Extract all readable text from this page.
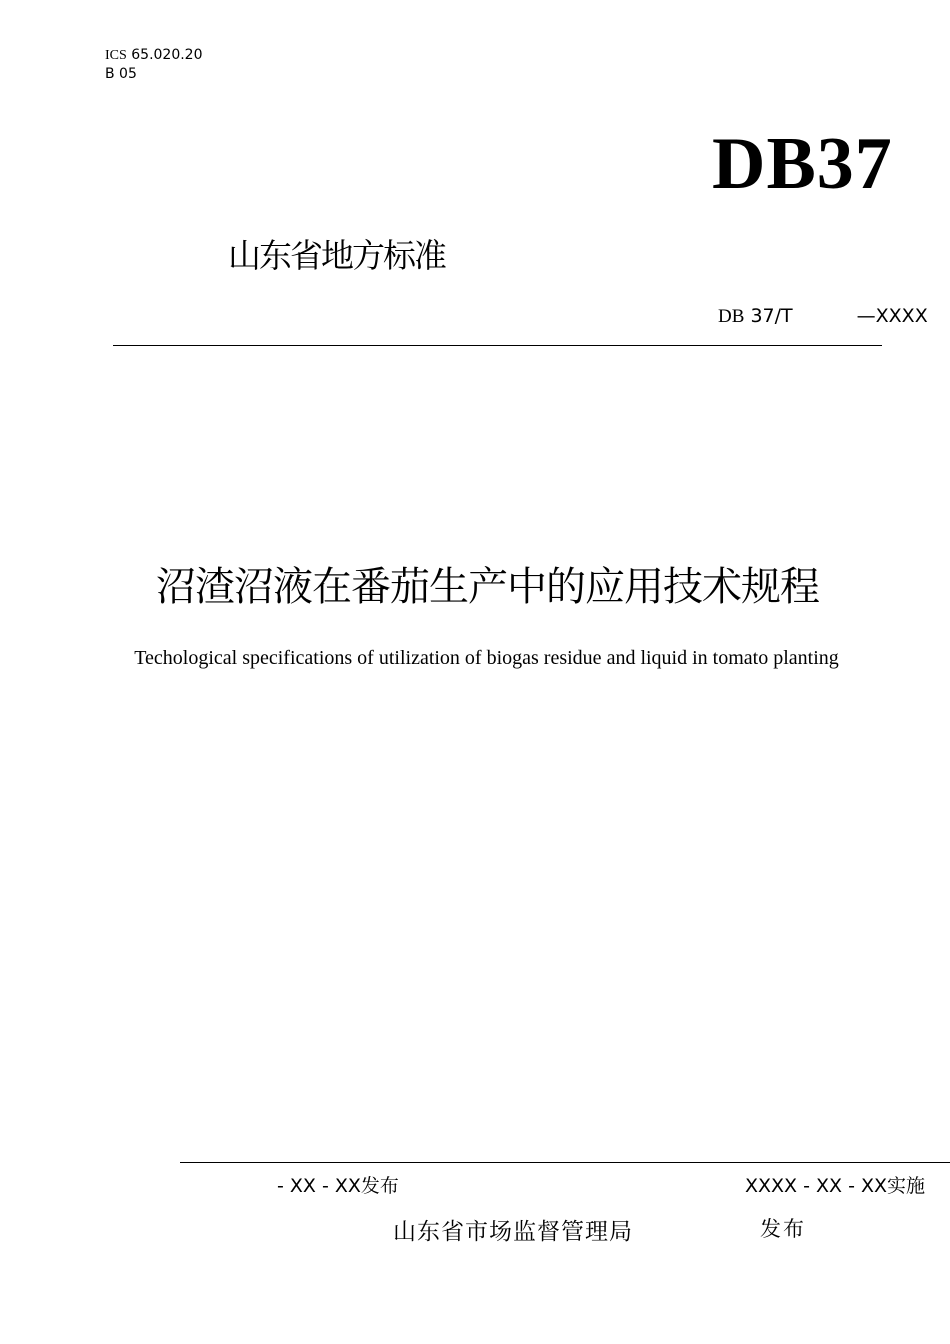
ICS 65.020.20
B 05
DB37
山东省地方标准
DB 37/T	—XXXX
沼渣沼液在番茄生产中的应用技术规程
Techological specifications of utilization of biogas residue and liquid in tomato planting
- XX - XX发布	XXXX - XX - XX实施
山东省市场监督管理局	发布
